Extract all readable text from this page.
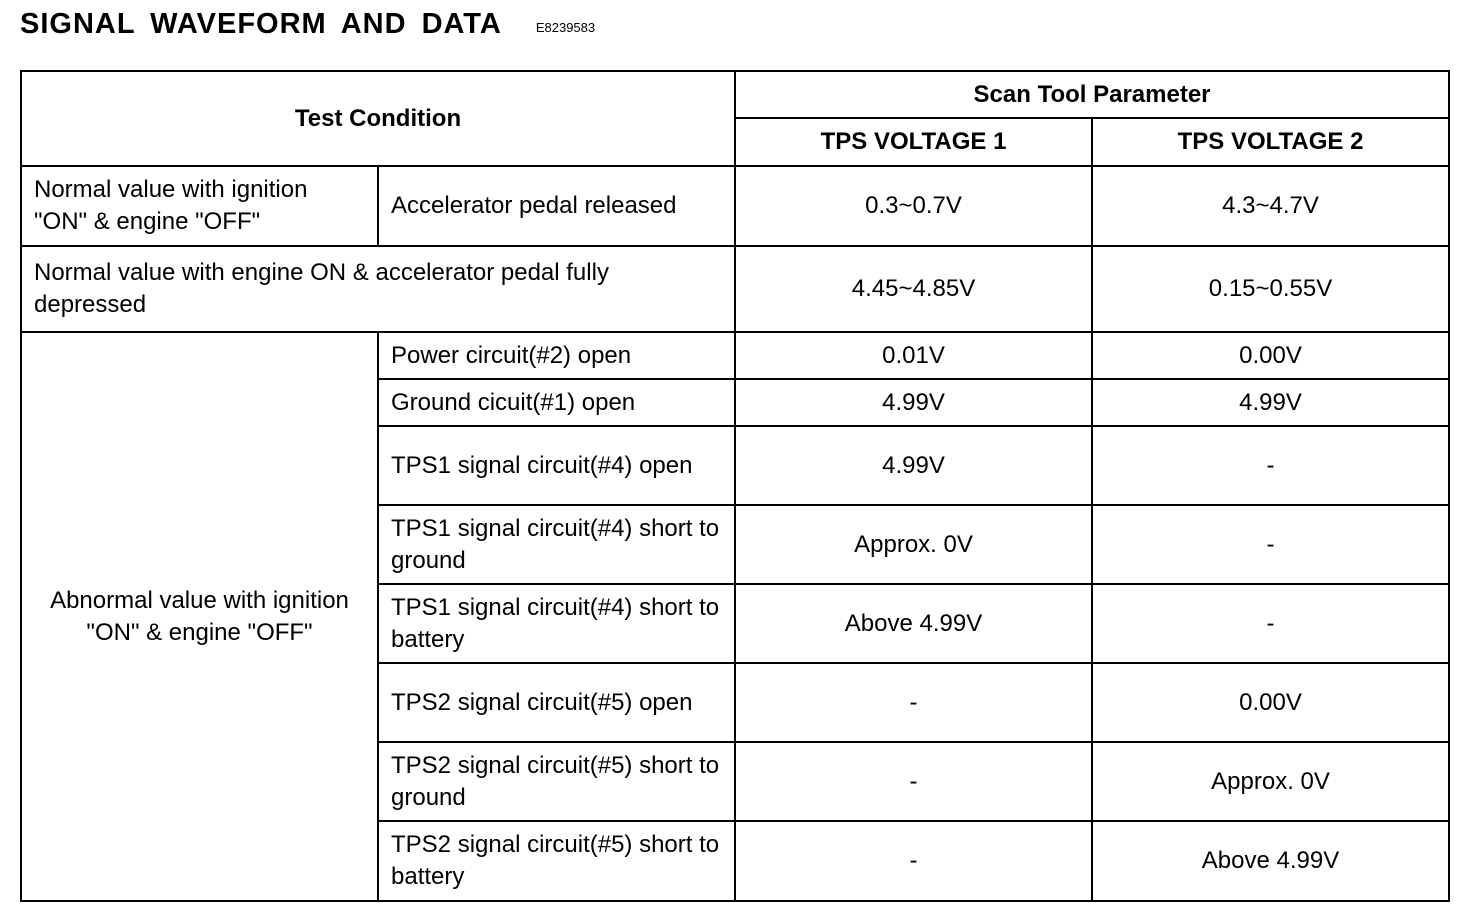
SIGNAL WAVEFORM AND DATA	E8239583
Test Condition		Scan Tool Parameter	
		TPS VOLTAGE 1	TPS VOLTAGE 2
Normal value with ignition "ON" & engine "OFF"	Accelerator pedal released	0.3~0.7V	4.3~4.7V
Normal value with engine ON & accelerator pedal fully depressed		4.45~4.85V	0.15~0.55V
Abnormal value with ignition "ON" & engine "OFF"	Power circuit(#2) open	0.01V	0.00V
	Ground cicuit(#1) open	4.99V	4.99V
	TPS1 signal circuit(#4) open	4.99V	-
	TPS1 signal circuit(#4) short to ground	Approx. 0V	-
	TPS1 signal circuit(#4) short to battery	Above 4.99V	-
	TPS2 signal circuit(#5) open	-	0.00V
	TPS2 signal circuit(#5) short to ground	-	Approx. 0V
	TPS2 signal circuit(#5) short to battery	-	Above 4.99V
